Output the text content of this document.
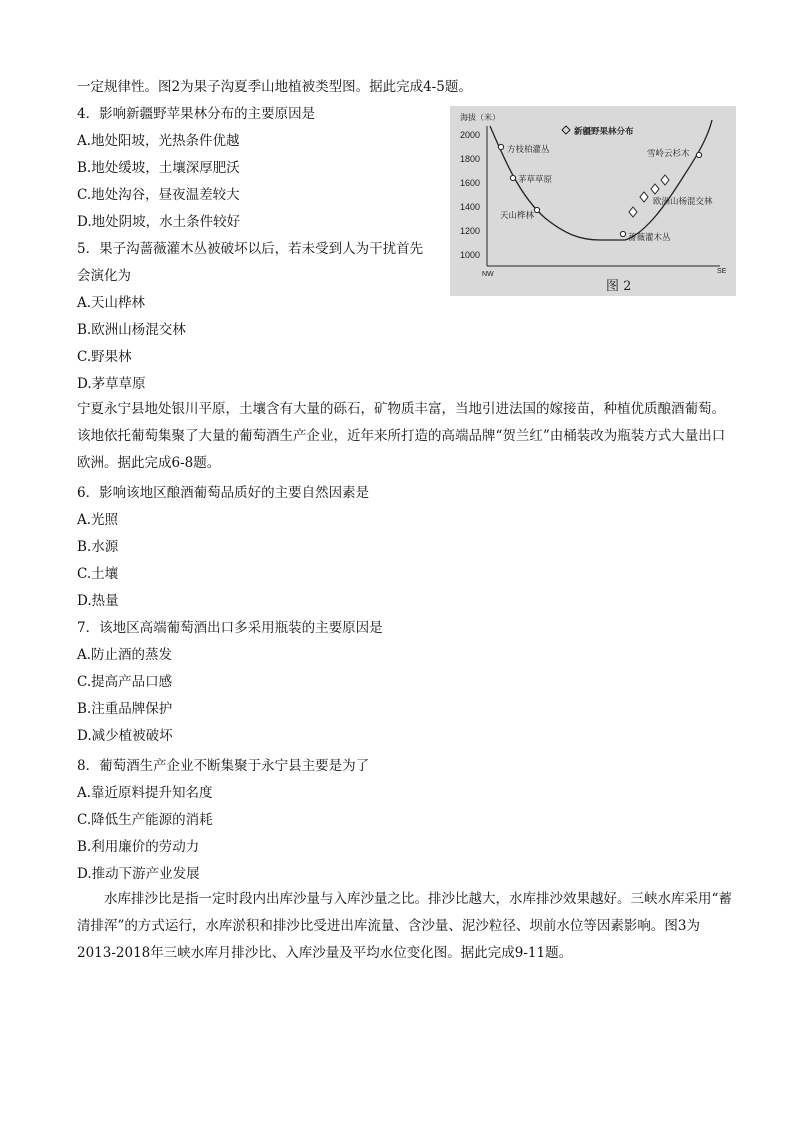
一定规律性。图2为果子沟夏季山地植被类型图。据此完成4-5题。
4．影响新疆野苹果林分布的主要原因是
A.地处阳坡，光热条件优越
B.地处缓坡，土壤深厚肥沃
C.地处沟谷，昼夜温差较大
D.地处阴坡，水土条件较好
5．果子沟蔷薇灌木丛被破坏以后，若未受到人为干扰首先
会演化为
A.天山桦林
B.欧洲山杨混交林
C.野果林
D.茅草草原
海拔（米）
2000
1800
1600
1400
1200
1000
NW	SE
新疆野果林分布
方枝柏灌丛
茅草草原
天山桦林
蔷薇灌木丛
欧洲山杨混交林
雪岭云杉木
图 2
宁夏永宁县地处银川平原，土壤含有大量的砾石，矿物质丰富，当地引进法国的嫁接苗，种植优质酿酒葡萄。该地依托葡萄集聚了大量的葡萄酒生产企业，近年来所打造的高端品牌“贺兰红”由桶装改为瓶装方式大量出口欧洲。据此完成6-8题。
6．影响该地区酿酒葡萄品质好的主要自然因素是
A.光照
B.水源
C.土壤
D.热量
7．该地区高端葡萄酒出口多采用瓶装的主要原因是
A.防止酒的蒸发
C.提高产品口感
B.注重品牌保护
D.减少植被破坏
8．葡萄酒生产企业不断集聚于永宁县主要是为了
A.靠近原料提升知名度
C.降低生产能源的消耗
B.利用廉价的劳动力
D.推动下游产业发展
水库排沙比是指一定时段内出库沙量与入库沙量之比。排沙比越大，水库排沙效果越好。三峡水库采用“蓄清排浑”的方式运行，水库淤积和排沙比受进出库流量、含沙量、泥沙粒径、坝前水位等因素影响。图3为2013-2018年三峡水库月排沙比、入库沙量及平均水位变化图。据此完成9-11题。
